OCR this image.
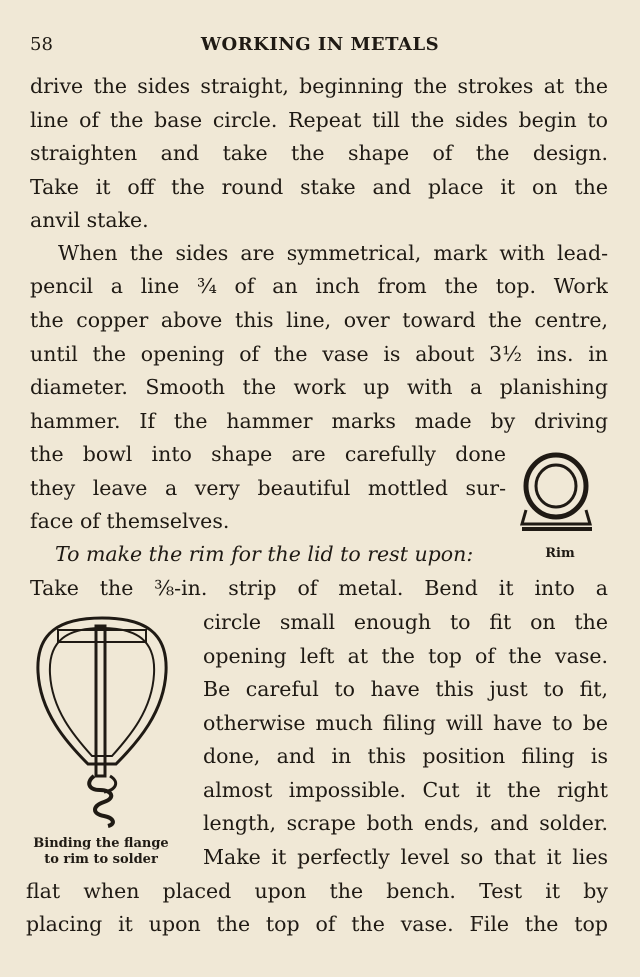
58	WORKING IN METALS
drive the sides straight, beginning the strokes at the
line of the base circle. Repeat till the sides begin to
straighten and take the shape of the design.
Take it off the round stake and place it on the
anvil stake.
When the sides are symmetrical, mark with lead-
pencil a line ¾ of an inch from the top. Work
the copper above this line, over toward the centre,
until the opening of the vase is about 3½ ins. in
diameter. Smooth the work up with a planishing
hammer. If the hammer marks made by driving
the bowl into shape are carefully done
they leave a very beautiful mottled sur-
face of themselves.
To make the rim for the lid to rest upon:
Take the ⅜-in. strip of metal. Bend it into a
circle small enough to fit on the
opening left at the top of the vase.
Be careful to have this just to fit,
otherwise much filing will have to be
done, and in this position filing is
almost impossible. Cut it the right
length, scrape both ends, and solder.
Make it perfectly level so that it lies
flat when placed upon the bench. Test it by
placing it upon the top of the vase. File the top
Rim
Binding the flange
to rim to solder
